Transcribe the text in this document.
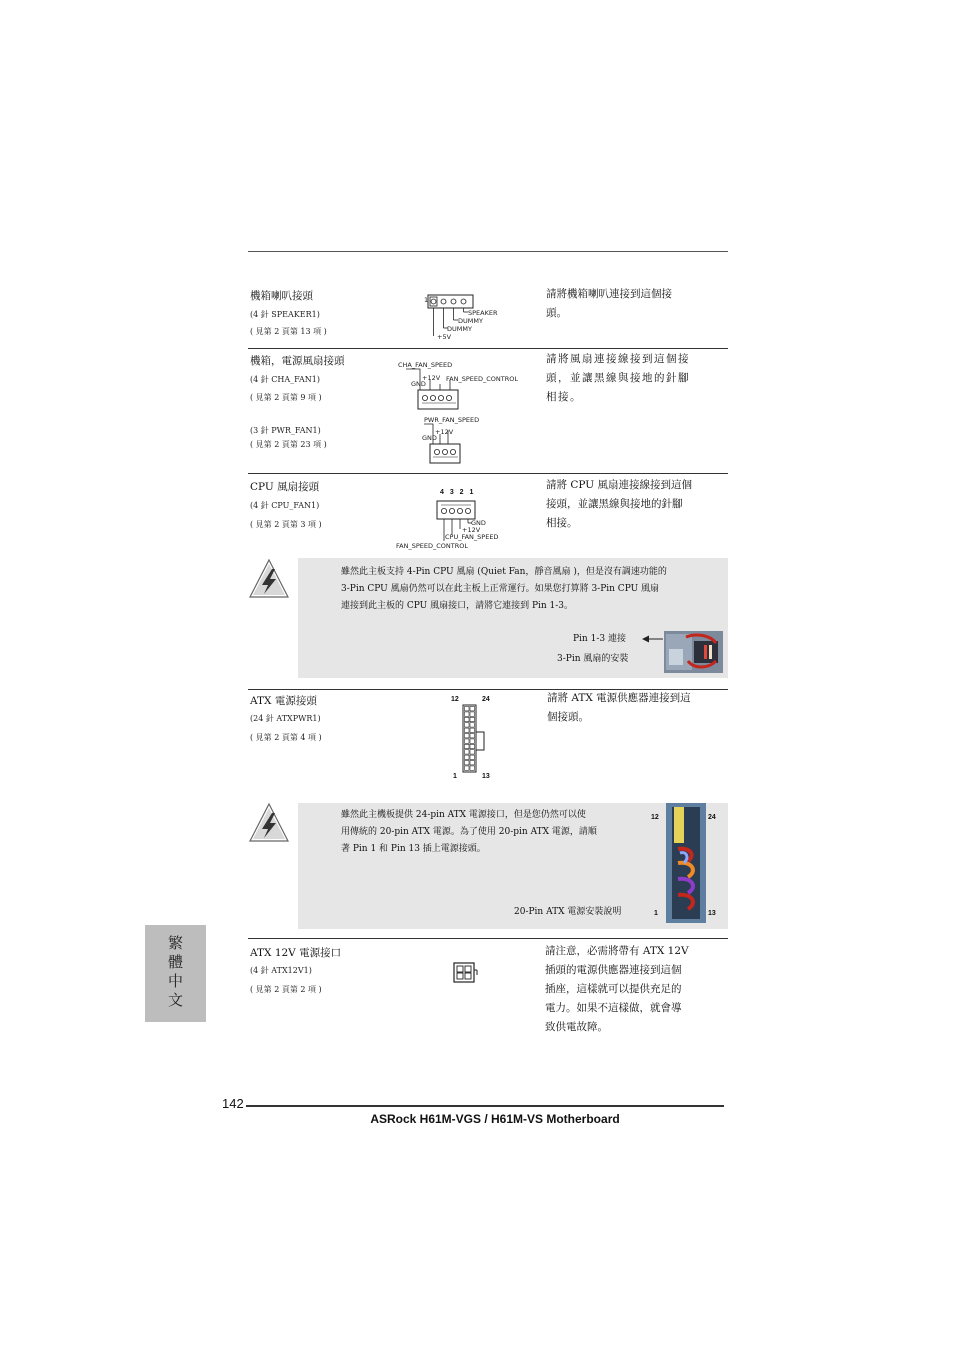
機箱喇叭接頭
(4 針 SPEAKER1)
( 見第 2 頁第 13 項 )
1
SPEAKER
DUMMY
DUMMY
+5V
請將機箱喇叭連接到這個接
頭。
機箱，電源風扇接頭
(4 針 CHA_FAN1)
( 見第 2 頁第 9 項 )
(3 針 PWR_FAN1)
( 見第 2 頁第 23 項 )
CHA_FAN_SPEED
+12V
GND
FAN_SPEED_CONTROL
PWR_FAN_SPEED
+12V
GND
請將風扇連接線接到這個接
頭，並讓黑線與接地的針腳
相接。
CPU 風扇接頭
(4 針 CPU_FAN1)
( 見第 2 頁第 3 項 )
4 3 2 1
GND
+12V
CPU_FAN_SPEED
FAN_SPEED_CONTROL
請將 CPU 風扇連接線接到這個
接頭，並讓黑線與接地的針腳
相接。
雖然此主板支持 4-Pin CPU 風扇 (Quiet Fan，靜音風扇 )，但是沒有調速功能的
3-Pin CPU 風扇仍然可以在此主板上正常運行。如果您打算將 3-Pin CPU 風扇
連接到此主板的 CPU 風扇接口，請將它連接到 Pin 1-3。
Pin 1-3 連接
3-Pin 風扇的安裝
ATX 電源接頭
(24 針 ATXPWR1)
( 見第 2 頁第 4 項 )
12	24
1	13
請將 ATX 電源供應器連接到這
個接頭。
雖然此主機板提供 24-pin ATX 電源接口，但是您仍然可以使
用傳統的 20-pin ATX 電源。為了使用 20-pin ATX 電源，請順
著 Pin 1 和 Pin 13 插上電源接頭。
20-Pin ATX 電源安裝說明
12	24
1	13
ATX 12V 電源接口
(4 針 ATX12V1)
( 見第 2 頁第 2 項 )
請注意，必需將帶有 ATX 12V
插頭的電源供應器連接到這個
插座，這樣就可以提供充足的
電力。如果不這樣做，就會導
致供電故障。
繁體中文
142
ASRock H61M-VGS / H61M-VS Motherboard
